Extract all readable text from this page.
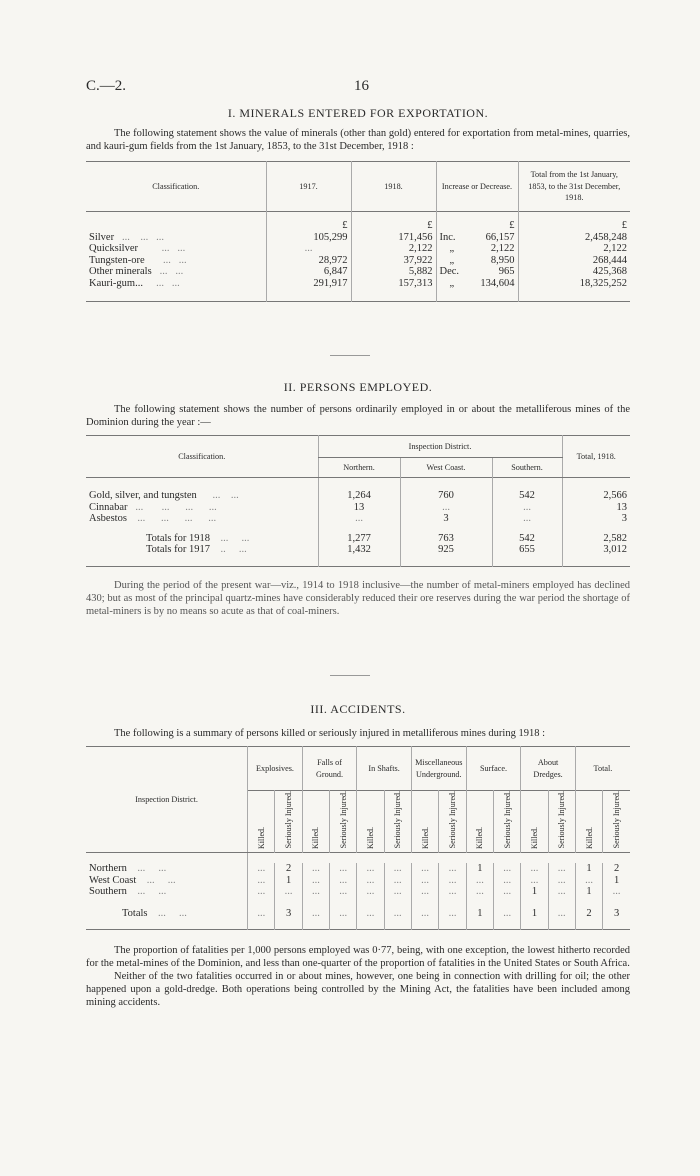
C.—2.	16
I. MINERALS ENTERED FOR EXPORTATION.

The following statement shows the value of minerals (other than gold) entered for exportation from metal-mines, quarries, and kauri-gum fields from the 1st January, 1853, to the 31st December, 1918 :

Classification.	1917.	1918.	Increase or Decrease.	Total from the 1st January, 1853, to the 31st December, 1918.

	£	£	£	£
Silver   ...    ...   ...	105,299	171,456	Inc. 66,157	2,458,248
Quicksilver         ...   ...	...	2,122	„ 2,122	2,122
Tungsten-ore       ...   ...	28,972	37,922	„ 8,950	268,444
Other minerals   ...   ...	6,847	5,882	Dec. 965	425,368
Kauri-gum...     ...   ...	291,917	157,313	„ 134,604	18,325,252

II. PERSONS EMPLOYED.

The following statement shows the number of persons ordinarily employed in or about the metalliferous mines of the Dominion during the year :—

Classification.	Inspection District.			Total, 1918.
	Northern.	West Coast.	Southern.	

Gold, silver, and tungsten      ...    ...	1,264	760	542	2,566
Cinnabar   ...       ...      ...      ...	13	...	...	13
Asbestos    ...      ...      ...      ...	...	3	...	3

Totals for 1918    ...     ...	1,277	763	542	2,582
Totals for 1917    ..     ...	1,432	925	655	3,012

During the period of the present war—viz., 1914 to 1918 inclusive—the number of metal-miners employed has declined 430; but as most of the principal quartz-mines have considerably reduced their ore reserves during the war period the shortage of metal-miners is by no means so acute as that of coal-miners.

III. ACCIDENTS.

The following is a summary of persons killed or seriously injured in metalliferous mines during 1918 :

Inspection District.	Explosives.		Falls of Ground.		In Shafts.		Miscellaneous Underground.		Surface.		About Dredges.		Total.	
	Killed.	Seriously Injured.	Killed.	Seriously Injured.	Killed.	Seriously Injured.	Killed.	Seriously Injured.	Killed.	Seriously Injured.	Killed.	Seriously Injured.	Killed.	Seriously Injured.

Northern    ...     ...	...	2	...	...	...	...	...	...	1	...	...	...	1	2
West Coast    ...     ...	...	1	...	...	...	...	...	...	...	...	...	...	...	1
Southern    ...     ...	...	...	...	...	...	...	...	...	...	...	1	...	1	...

Totals    ...     ...	...	3	...	...	...	...	...	...	1	...	1	...	2	3

The proportion of fatalities per 1,000 persons employed was 0·77, being, with one exception, the lowest hitherto recorded for the metal-mines of the Dominion, and less than one-quarter of the proportion of fatalities in the United States or South Africa.

Neither of the two fatalities occurred in or about mines, however, one being in connection with drilling for oil; the other happened upon a gold-dredge. Both operations being controlled by the Mining Act, the fatalities have been included among mining accidents.
